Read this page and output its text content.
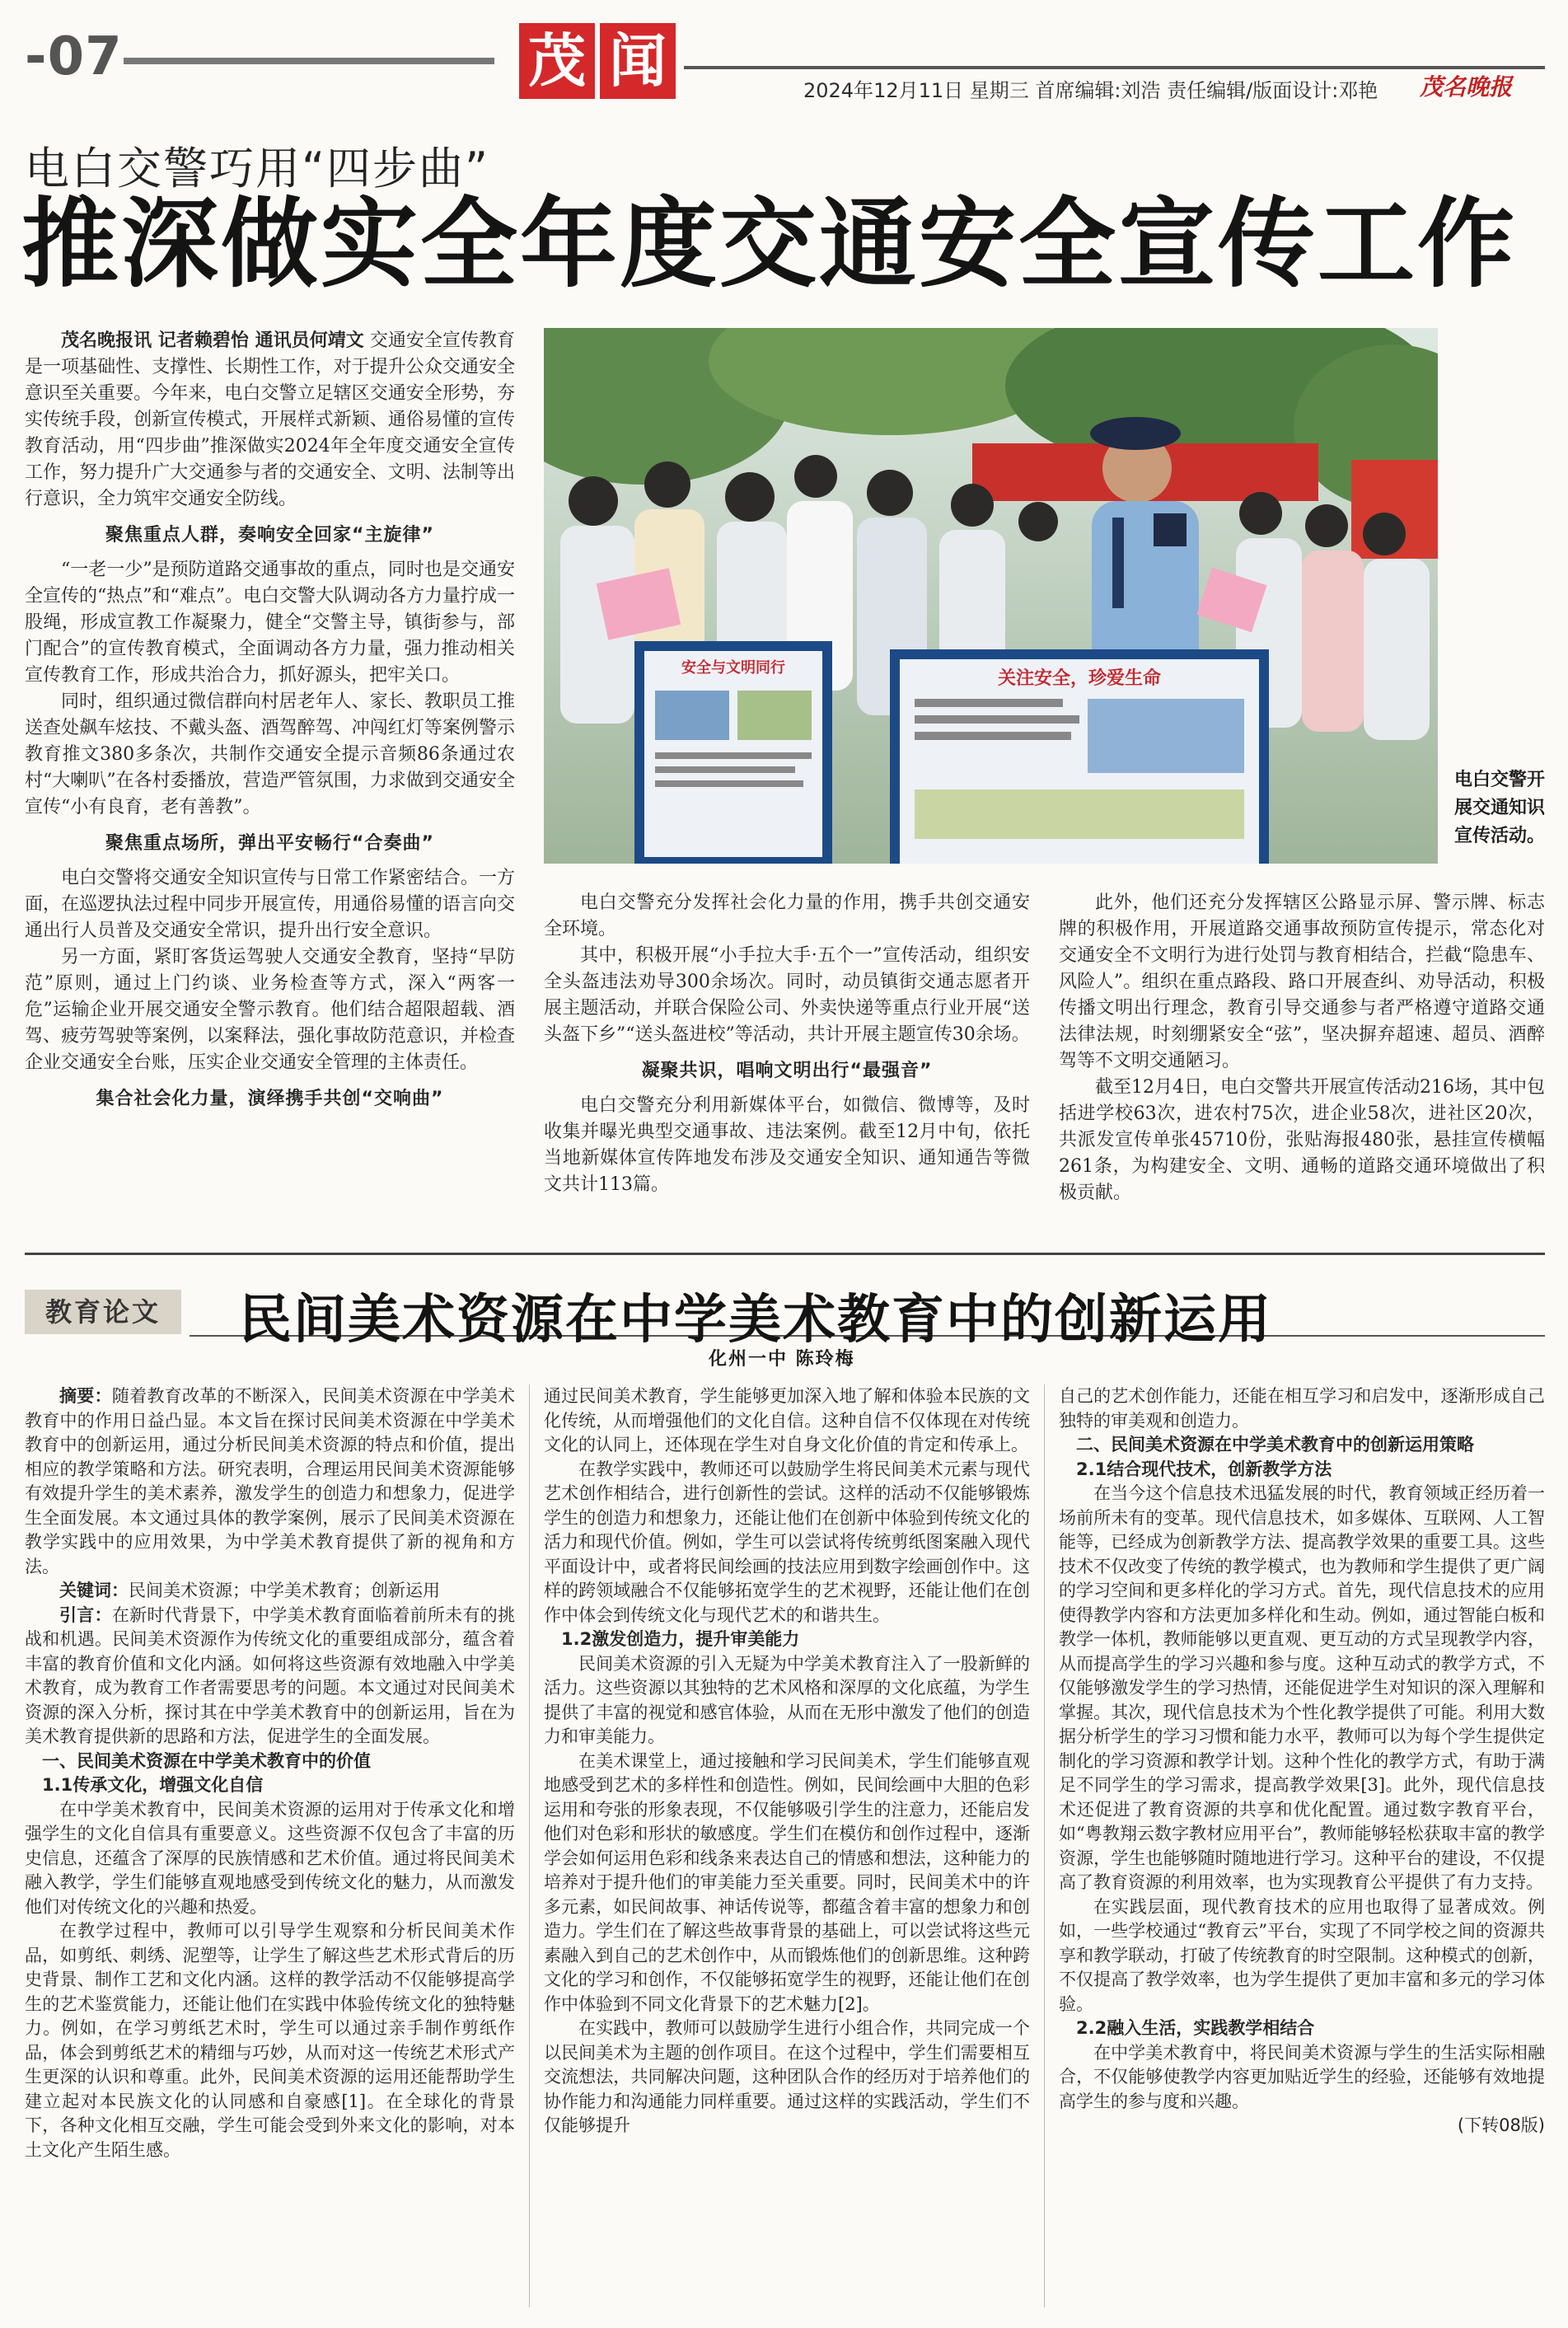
-07	茂 闻	2024年12月11日 星期三 首席编辑:刘浩 责任编辑/版面设计:邓艳 茂名晚报
电白交警巧用“四步曲”
推深做实全年度交通安全宣传工作

茂名晚报讯 记者赖碧怡 通讯员何靖文 交通安全宣传教育是一项基础性、支撑性、长期性工作，对于提升公众交通安全意识至关重要。今年来，电白交警立足辖区交通安全形势，夯实传统手段，创新宣传模式，开展样式新颖、通俗易懂的宣传教育活动，用“四步曲”推深做实2024年全年度交通安全宣传工作，努力提升广大交通参与者的交通安全、文明、法制等出行意识，全力筑牢交通安全防线。

聚焦重点人群，奏响安全回家“主旋律”

“一老一少”是预防道路交通事故的重点，同时也是交通安全宣传的“热点”和“难点”。电白交警大队调动各方力量拧成一股绳，形成宣教工作凝聚力，健全“交警主导，镇街参与，部门配合”的宣传教育模式，全面调动各方力量，强力推动相关宣传教育工作，形成共治合力，抓好源头，把牢关口。

同时，组织通过微信群向村居老年人、家长、教职员工推送查处飙车炫技、不戴头盔、酒驾醉驾、冲闯红灯等案例警示教育推文380多条次，共制作交通安全提示音频86条通过农村“大喇叭”在各村委播放，营造严管氛围，力求做到交通安全宣传“小有良育，老有善教”。

聚焦重点场所，弹出平安畅行“合奏曲”

电白交警将交通安全知识宣传与日常工作紧密结合。一方面，在巡逻执法过程中同步开展宣传，用通俗易懂的语言向交通出行人员普及交通安全常识，提升出行安全意识。

另一方面，紧盯客货运驾驶人交通安全教育，坚持“早防范”原则，通过上门约谈、业务检查等方式，深入“两客一危”运输企业开展交通安全警示教育。他们结合超限超载、酒驾、疲劳驾驶等案例，以案释法，强化事故防范意识，并检查企业交通安全台账，压实企业交通安全管理的主体责任。

集合社会化力量，演绎携手共创“交响曲”
安全与文明同行
关注安全，珍爱生命
电白交警开展交通知识宣传活动。

电白交警充分发挥社会化力量的作用，携手共创交通安全环境。

其中，积极开展“小手拉大手·五个一”宣传活动，组织安全头盔违法劝导300余场次。同时，动员镇街交通志愿者开展主题活动，并联合保险公司、外卖快递等重点行业开展“送头盔下乡”“送头盔进校”等活动，共计开展主题宣传30余场。

凝聚共识，唱响文明出行“最强音”

电白交警充分利用新媒体平台，如微信、微博等，及时收集并曝光典型交通事故、违法案例。截至12月中旬，依托当地新媒体宣传阵地发布涉及交通安全知识、通知通告等微文共计113篇。

此外，他们还充分发挥辖区公路显示屏、警示牌、标志牌的积极作用，开展道路交通事故预防宣传提示，常态化对交通安全不文明行为进行处罚与教育相结合，拦截“隐患车、风险人”。组织在重点路段、路口开展查纠、劝导活动，积极传播文明出行理念，教育引导交通参与者严格遵守道路交通法律法规，时刻绷紧安全“弦”，坚决摒弃超速、超员、酒醉驾等不文明交通陋习。

截至12月4日，电白交警共开展宣传活动216场，其中包括进学校63次，进农村75次，进企业58次，进社区20次，共派发宣传单张45710份，张贴海报480张，悬挂宣传横幅261条，为构建安全、文明、通畅的道路交通环境做出了积极贡献。

教育论文	民间美术资源在中学美术教育中的创新运用
化州一中 陈玲梅

摘要：随着教育改革的不断深入，民间美术资源在中学美术教育中的作用日益凸显。本文旨在探讨民间美术资源在中学美术教育中的创新运用，通过分析民间美术资源的特点和价值，提出相应的教学策略和方法。研究表明，合理运用民间美术资源能够有效提升学生的美术素养，激发学生的创造力和想象力，促进学生全面发展。本文通过具体的教学案例，展示了民间美术资源在教学实践中的应用效果，为中学美术教育提供了新的视角和方法。

关键词：民间美术资源；中学美术教育；创新运用

引言：在新时代背景下，中学美术教育面临着前所未有的挑战和机遇。民间美术资源作为传统文化的重要组成部分，蕴含着丰富的教育价值和文化内涵。如何将这些资源有效地融入中学美术教育，成为教育工作者需要思考的问题。本文通过对民间美术资源的深入分析，探讨其在中学美术教育中的创新运用，旨在为美术教育提供新的思路和方法，促进学生的全面发展。

一、民间美术资源在中学美术教育中的价值

1.1传承文化，增强文化自信

在中学美术教育中，民间美术资源的运用对于传承文化和增强学生的文化自信具有重要意义。这些资源不仅包含了丰富的历史信息，还蕴含了深厚的民族情感和艺术价值。通过将民间美术融入教学，学生们能够直观地感受到传统文化的魅力，从而激发他们对传统文化的兴趣和热爱。

在教学过程中，教师可以引导学生观察和分析民间美术作品，如剪纸、刺绣、泥塑等，让学生了解这些艺术形式背后的历史背景、制作工艺和文化内涵。这样的教学活动不仅能够提高学生的艺术鉴赏能力，还能让他们在实践中体验传统文化的独特魅力。例如，在学习剪纸艺术时，学生可以通过亲手制作剪纸作品，体会到剪纸艺术的精细与巧妙，从而对这一传统艺术形式产生更深的认识和尊重。此外，民间美术资源的运用还能帮助学生建立起对本民族文化的认同感和自豪感[1]。在全球化的背景下，各种文化相互交融，学生可能会受到外来文化的影响，对本土文化产生陌生感。

通过民间美术教育，学生能够更加深入地了解和体验本民族的文化传统，从而增强他们的文化自信。这种自信不仅体现在对传统文化的认同上，还体现在学生对自身文化价值的肯定和传承上。

在教学实践中，教师还可以鼓励学生将民间美术元素与现代艺术创作相结合，进行创新性的尝试。这样的活动不仅能够锻炼学生的创造力和想象力，还能让他们在创新中体验到传统文化的活力和现代价值。例如，学生可以尝试将传统剪纸图案融入现代平面设计中，或者将民间绘画的技法应用到数字绘画创作中。这样的跨领域融合不仅能够拓宽学生的艺术视野，还能让他们在创作中体会到传统文化与现代艺术的和谐共生。

1.2激发创造力，提升审美能力

民间美术资源的引入无疑为中学美术教育注入了一股新鲜的活力。这些资源以其独特的艺术风格和深厚的文化底蕴，为学生提供了丰富的视觉和感官体验，从而在无形中激发了他们的创造力和审美能力。

在美术课堂上，通过接触和学习民间美术，学生们能够直观地感受到艺术的多样性和创造性。例如，民间绘画中大胆的色彩运用和夸张的形象表现，不仅能够吸引学生的注意力，还能启发他们对色彩和形状的敏感度。学生们在模仿和创作过程中，逐渐学会如何运用色彩和线条来表达自己的情感和想法，这种能力的培养对于提升他们的审美能力至关重要。同时，民间美术中的许多元素，如民间故事、神话传说等，都蕴含着丰富的想象力和创造力。学生们在了解这些故事背景的基础上，可以尝试将这些元素融入到自己的艺术创作中，从而锻炼他们的创新思维。这种跨文化的学习和创作，不仅能够拓宽学生的视野，还能让他们在创作中体验到不同文化背景下的艺术魅力[2]。

在实践中，教师可以鼓励学生进行小组合作，共同完成一个以民间美术为主题的创作项目。在这个过程中，学生们需要相互交流想法，共同解决问题，这种团队合作的经历对于培养他们的协作能力和沟通能力同样重要。通过这样的实践活动，学生们不仅能够提升

自己的艺术创作能力，还能在相互学习和启发中，逐渐形成自己独特的审美观和创造力。

二、民间美术资源在中学美术教育中的创新运用策略

2.1结合现代技术，创新教学方法

在当今这个信息技术迅猛发展的时代，教育领域正经历着一场前所未有的变革。现代信息技术，如多媒体、互联网、人工智能等，已经成为创新教学方法、提高教学效果的重要工具。这些技术不仅改变了传统的教学模式，也为教师和学生提供了更广阔的学习空间和更多样化的学习方式。首先，现代信息技术的应用使得教学内容和方法更加多样化和生动。例如，通过智能白板和教学一体机，教师能够以更直观、更互动的方式呈现教学内容，从而提高学生的学习兴趣和参与度。这种互动式的教学方式，不仅能够激发学生的学习热情，还能促进学生对知识的深入理解和掌握。其次，现代信息技术为个性化教学提供了可能。利用大数据分析学生的学习习惯和能力水平，教师可以为每个学生提供定制化的学习资源和教学计划。这种个性化的教学方式，有助于满足不同学生的学习需求，提高教学效果[3]。此外，现代信息技术还促进了教育资源的共享和优化配置。通过数字教育平台，如“粤教翔云数字教材应用平台”，教师能够轻松获取丰富的教学资源，学生也能够随时随地进行学习。这种平台的建设，不仅提高了教育资源的利用效率，也为实现教育公平提供了有力支持。

在实践层面，现代教育技术的应用也取得了显著成效。例如，一些学校通过“教育云”平台，实现了不同学校之间的资源共享和教学联动，打破了传统教育的时空限制。这种模式的创新，不仅提高了教学效率，也为学生提供了更加丰富和多元的学习体验。

2.2融入生活，实践教学相结合

在中学美术教育中，将民间美术资源与学生的生活实际相融合，不仅能够使教学内容更加贴近学生的经验，还能够有效地提高学生的参与度和兴趣。

(下转08版)
